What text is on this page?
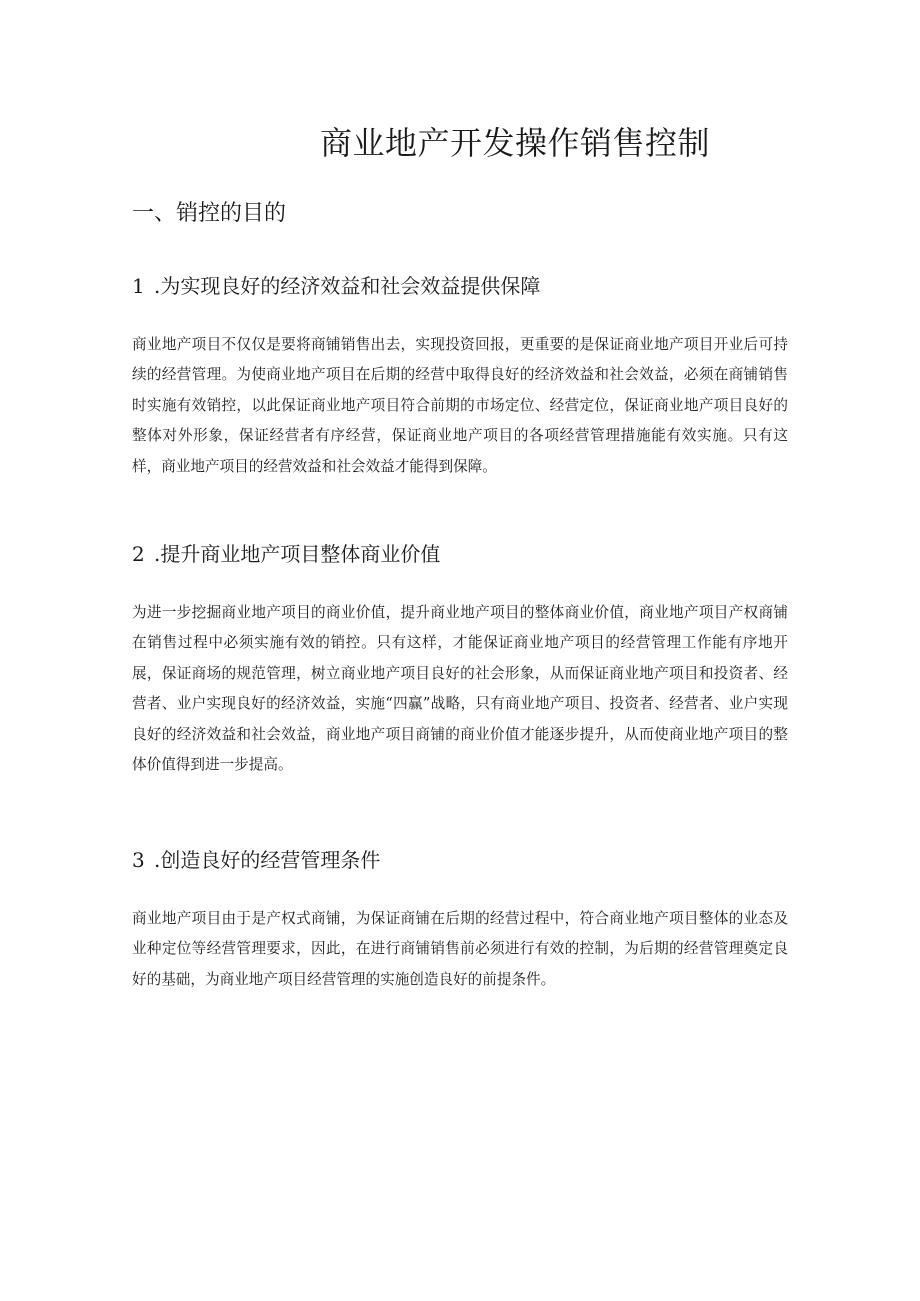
商业地产开发操作销售控制
一、销控的目的
1 .为实现良好的经济效益和社会效益提供保障

商业地产项目不仅仅是要将商铺销售出去，实现投资回报，更重要的是保证商业地产项目开业后可持续的经营管理。为使商业地产项目在后期的经营中取得良好的经济效益和社会效益，必须在商铺销售时实施有效销控，以此保证商业地产项目符合前期的市场定位、经营定位，保证商业地产项目良好的整体对外形象，保证经营者有序经营，保证商业地产项目的各项经营管理措施能有效实施。只有这样，商业地产项目的经营效益和社会效益才能得到保障。

2 .提升商业地产项目整体商业价值

为进一步挖掘商业地产项目的商业价值，提升商业地产项目的整体商业价值，商业地产项目产权商铺在销售过程中必须实施有效的销控。只有这样，才能保证商业地产项目的经营管理工作能有序地开展，保证商场的规范管理，树立商业地产项目良好的社会形象，从而保证商业地产项目和投资者、经营者、业户实现良好的经济效益，实施“四赢”战略，只有商业地产项目、投资者、经营者、业户实现良好的经济效益和社会效益，商业地产项目商铺的商业价值才能逐步提升，从而使商业地产项目的整体价值得到进一步提高。

3 .创造良好的经营管理条件

商业地产项目由于是产权式商铺，为保证商铺在后期的经营过程中，符合商业地产项目整体的业态及业种定位等经营管理要求，因此，在进行商铺销售前必须进行有效的控制，为后期的经营管理奠定良好的基础，为商业地产项目经营管理的实施创造良好的前提条件。
